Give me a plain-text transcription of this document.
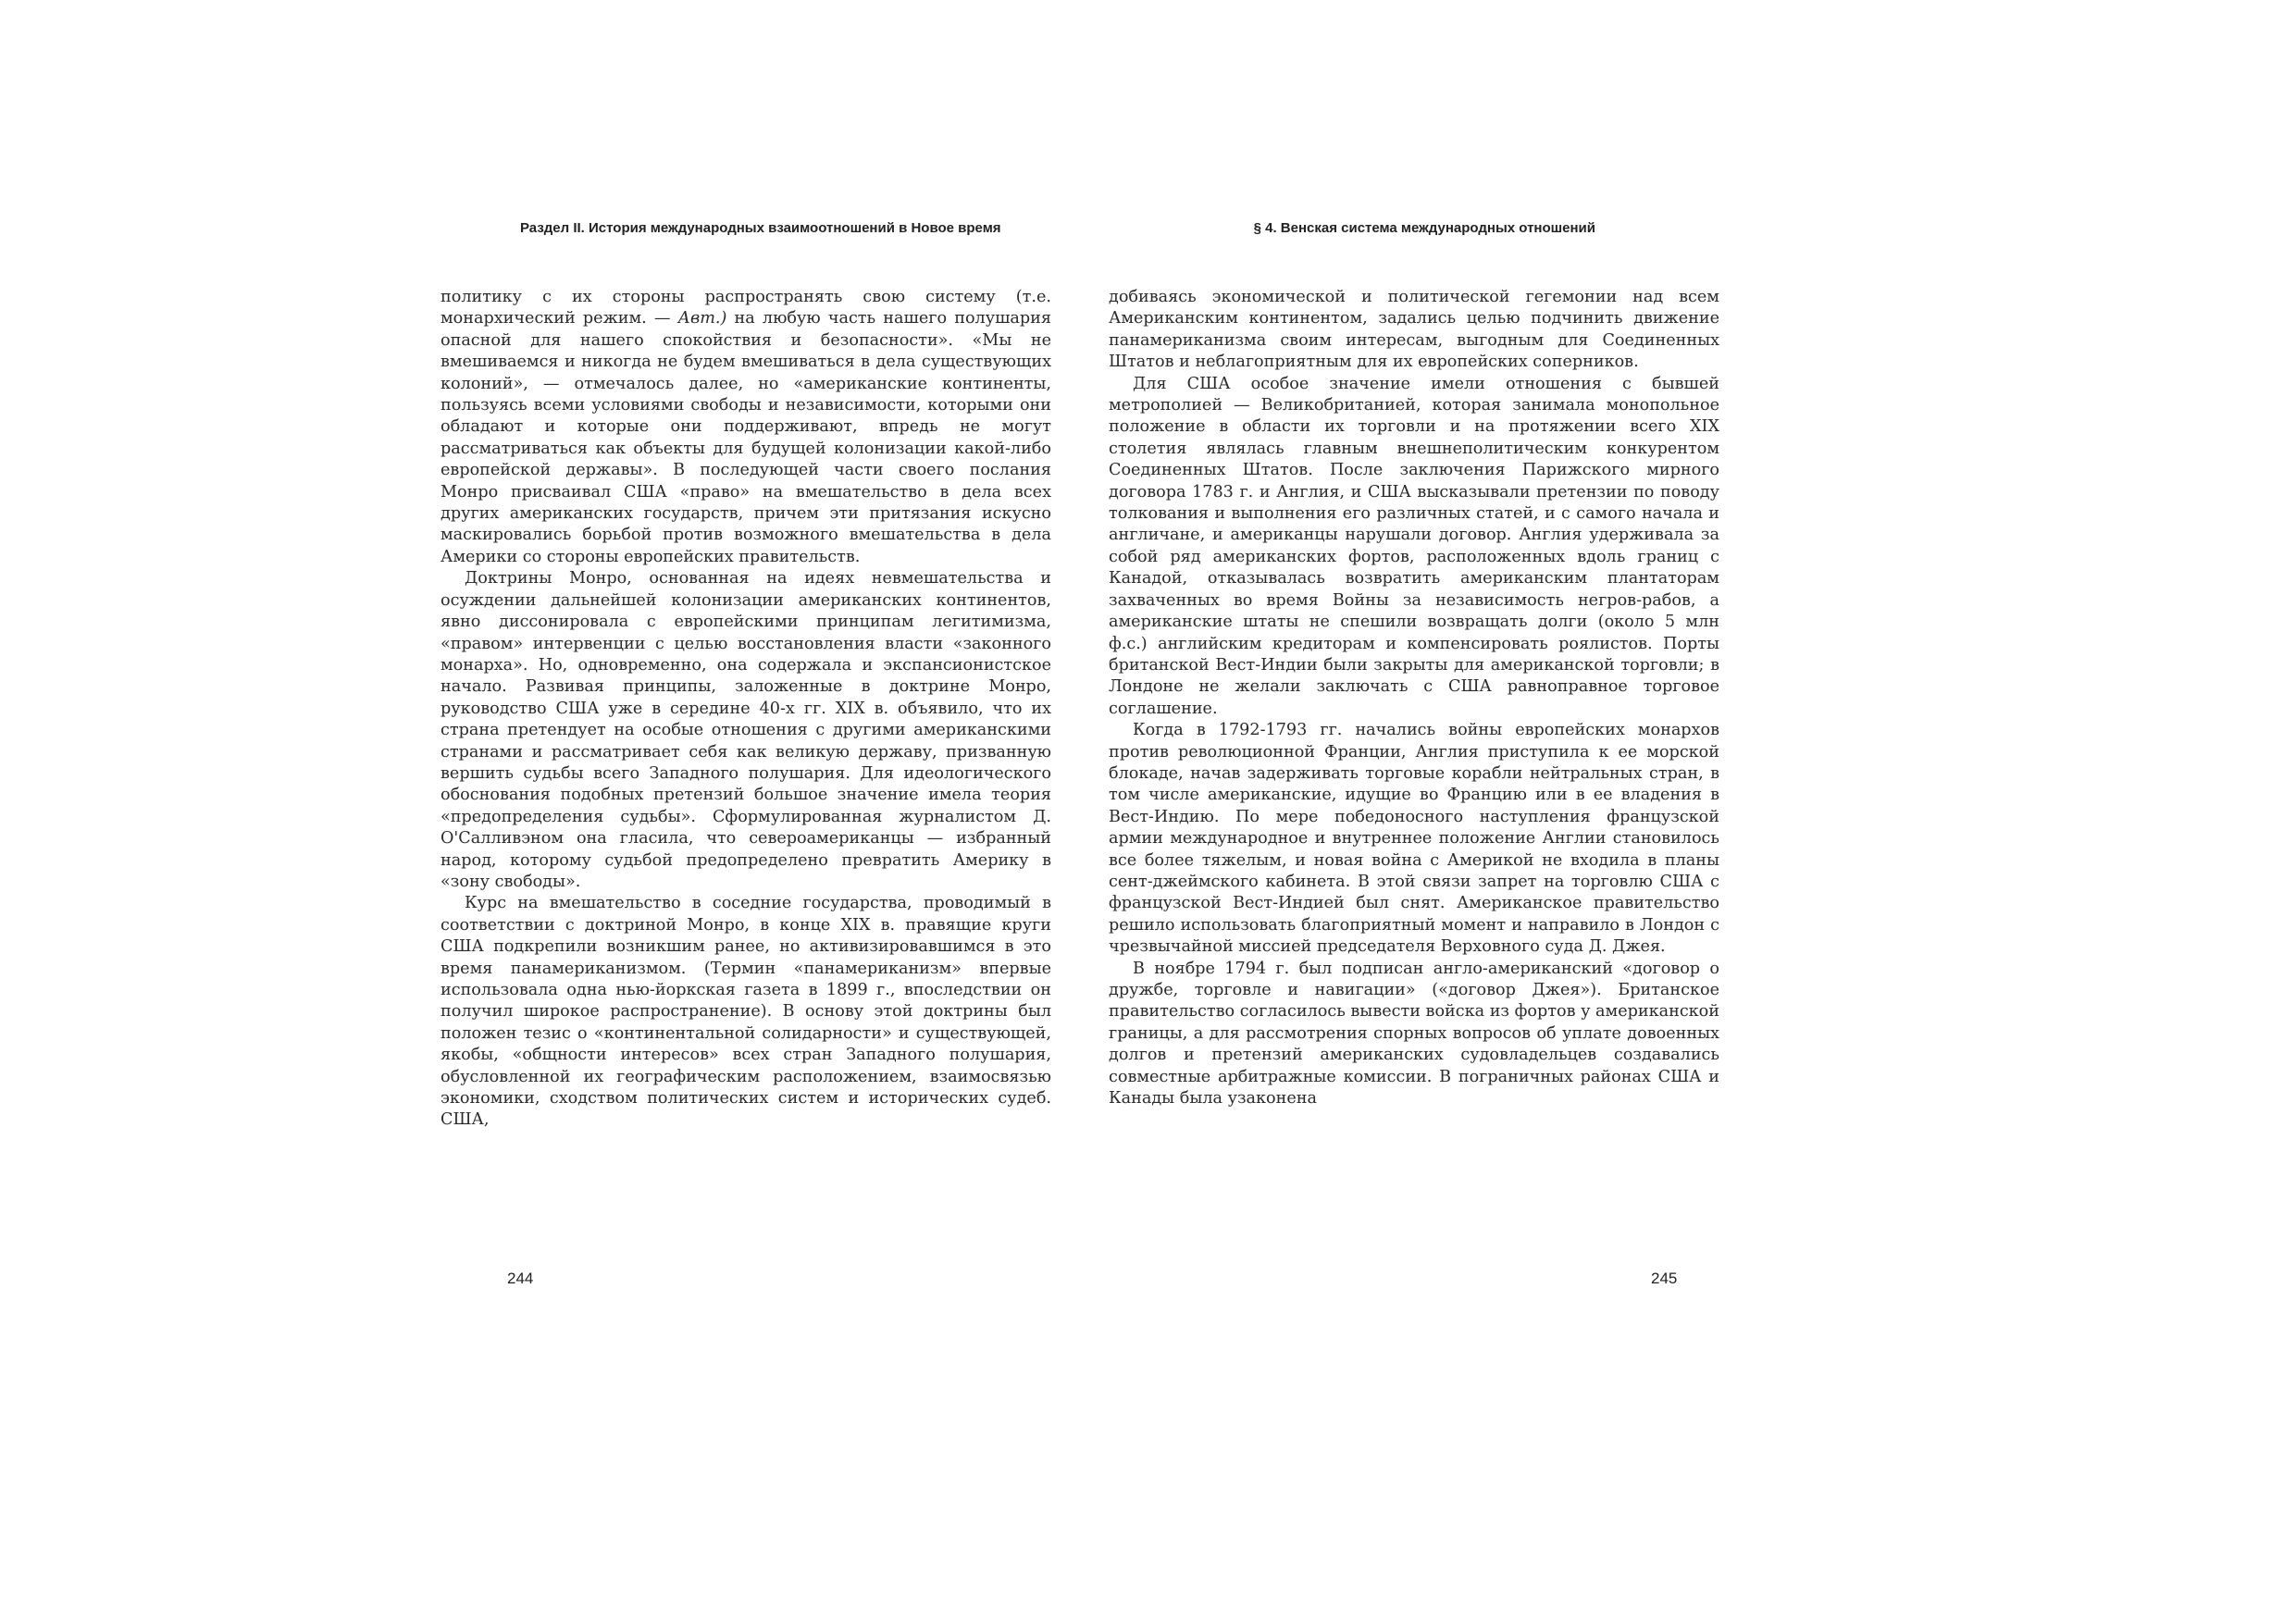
Раздел II. История международных взаимоотношений в Новое время	§ 4. Венская система международных отношений

политику с их стороны распространять свою систему (т.е. монархический режим. — Авт.) на любую часть нашего полушария опасной для нашего спокойствия и безопасности». «Мы не вмешиваемся и никогда не будем вмешиваться в дела существующих колоний», — отмечалось далее, но «американские континенты, пользуясь всеми условиями свободы и независимости, которыми они обладают и которые они поддерживают, впредь не могут рассматриваться как объекты для будущей колонизации какой-либо европейской державы». В последующей части своего послания Монро присваивал США «право» на вмешательство в дела всех других американских государств, причем эти притязания искусно маскировались борьбой против возможного вмешательства в дела Америки со стороны европейских правительств.

Доктрины Монро, основанная на идеях невмешательства и осуждении дальнейшей колонизации американских континентов, явно диссонировала с европейскими принципам легитимизма, «правом» интервенции с целью восстановления власти «законного монарха». Но, одновременно, она содержала и экспансионистское начало. Развивая принципы, заложенные в доктрине Монро, руководство США уже в середине 40-х гг. XIX в. объявило, что их страна претендует на особые отношения с другими американскими странами и рассматривает себя как великую державу, призванную вершить судьбы всего Западного полушария. Для идеологического обоснования подобных претензий большое значение имела теория «предопределения судьбы». Сформулированная журналистом Д. О'Салливэном она гласила, что североамериканцы — избранный народ, которому судьбой предопределено превратить Америку в «зону свободы».

Курс на вмешательство в соседние государства, проводимый в соответствии с доктриной Монро, в конце XIX в. правящие круги США подкрепили возникшим ранее, но активизировавшимся в это время панамериканизмом. (Термин «панамериканизм» впервые использовала одна нью-йоркская газета в 1899 г., впоследствии он получил широкое распространение). В основу этой доктрины был положен тезис о «континентальной солидарности» и существующей, якобы, «общности интересов» всех стран Западного полушария, обусловленной их географическим расположением, взаимосвязью экономики, сходством политических систем и исторических судеб. США,

добиваясь экономической и политической гегемонии над всем Американским континентом, задались целью подчинить движение панамериканизма своим интересам, выгодным для Соединенных Штатов и неблагоприятным для их европейских соперников.

Для США особое значение имели отношения с бывшей метрополией — Великобританией, которая занимала монопольное положение в области их торговли и на протяжении всего XIX столетия являлась главным внешнеполитическим конкурентом Соединенных Штатов. После заключения Парижского мирного договора 1783 г. и Англия, и США высказывали претензии по поводу толкования и выполнения его различных статей, и с самого начала и англичане, и американцы нарушали договор. Англия удерживала за собой ряд американских фортов, расположенных вдоль границ с Канадой, отказывалась возвратить американским плантаторам захваченных во время Войны за независимость негров-рабов, а американские штаты не спешили возвращать долги (около 5 млн ф.с.) английским кредиторам и компенсировать роялистов. Порты британской Вест-Индии были закрыты для американской торговли; в Лондоне не желали заключать с США равноправное торговое соглашение.

Когда в 1792-1793 гг. начались войны европейских монархов против революционной Франции, Англия приступила к ее морской блокаде, начав задерживать торговые корабли нейтральных стран, в том числе американские, идущие во Францию или в ее владения в Вест-Индию. По мере победоносного наступления французской армии международное и внутреннее положение Англии становилось все более тяжелым, и новая война с Америкой не входила в планы сент-джеймского кабинета. В этой связи запрет на торговлю США с французской Вест-Индией был снят. Американское правительство решило использовать благоприятный момент и направило в Лондон с чрезвычайной миссией председателя Верховного суда Д. Джея.

В ноябре 1794 г. был подписан англо-американский «договор о дружбе, торговле и навигации» («договор Джея»). Британское правительство согласилось вывести войска из фортов у американской границы, а для рассмотрения спорных вопросов об уплате довоенных долгов и претензий американских судовладельцев создавались совместные арбитражные комиссии. В пограничных районах США и Канады была узаконена

244	245
